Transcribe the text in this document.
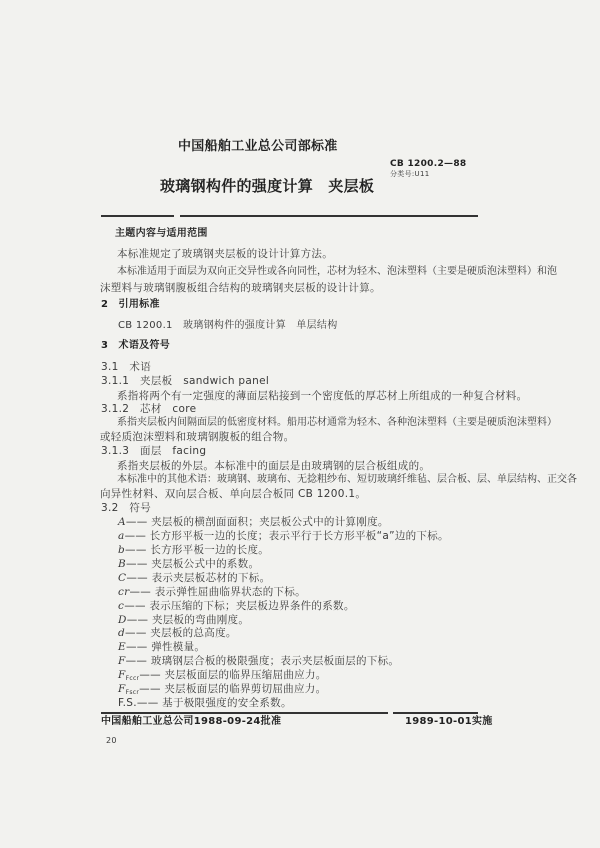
中国船舶工业总公司部标准
CB 1200.2—88
分类号:U11
玻璃钢构件的强度计算　夹层板
主题内容与适用范围
本标准规定了玻璃钢夹层板的设计计算方法。
本标准适用于面层为双向正交异性或各向同性，芯材为轻木、泡沫塑料（主要是硬质泡沫塑料）和泡
沫塑料与玻璃钢腹板组合结构的玻璃钢夹层板的设计计算。
2　引用标准
CB 1200.1　玻璃钢构件的强度计算　单层结构
3　术语及符号
3.1　术语
3.1.1　夹层板　sandwich panel
系指将两个有一定强度的薄面层粘接到一个密度低的厚芯材上所组成的一种复合材料。
3.1.2　芯材　core
系指夹层板内间隔面层的低密度材料。船用芯材通常为轻木、各种泡沫塑料（主要是硬质泡沫塑料）
或轻质泡沫塑料和玻璃钢腹板的组合物。
3.1.3　面层　facing
系指夹层板的外层。本标准中的面层是由玻璃钢的层合板组成的。
本标准中的其他术语：玻璃钢、玻璃布、无捻粗纱布、短切玻璃纤维毡、层合板、层、单层结构、正交各
向异性材料、双向层合板、单向层合板同 CB 1200.1。
3.2　符号
A—— 夹层板的横剖面面积；夹层板公式中的计算刚度。
a—— 长方形平板一边的长度；表示平行于长方形平板“a”边的下标。
b—— 长方形平板一边的长度。
B—— 夹层板公式中的系数。
C—— 表示夹层板芯材的下标。
cr—— 表示弹性屈曲临界状态的下标。
c—— 表示压缩的下标；夹层板边界条件的系数。
D—— 夹层板的弯曲刚度。
d—— 夹层板的总高度。
E—— 弹性模量。
F—— 玻璃钢层合板的极限强度；表示夹层板面层的下标。
$F_{Fccr}——$ 夹层板面层的临界压缩屈曲应力。
$F_{Fscr}——$ 夹层板面层的临界剪切屈曲应力。
F.S.—— 基于极限强度的安全系数。
中国船舶工业总公司1988-09-24批准	1989-10-01实施
20
